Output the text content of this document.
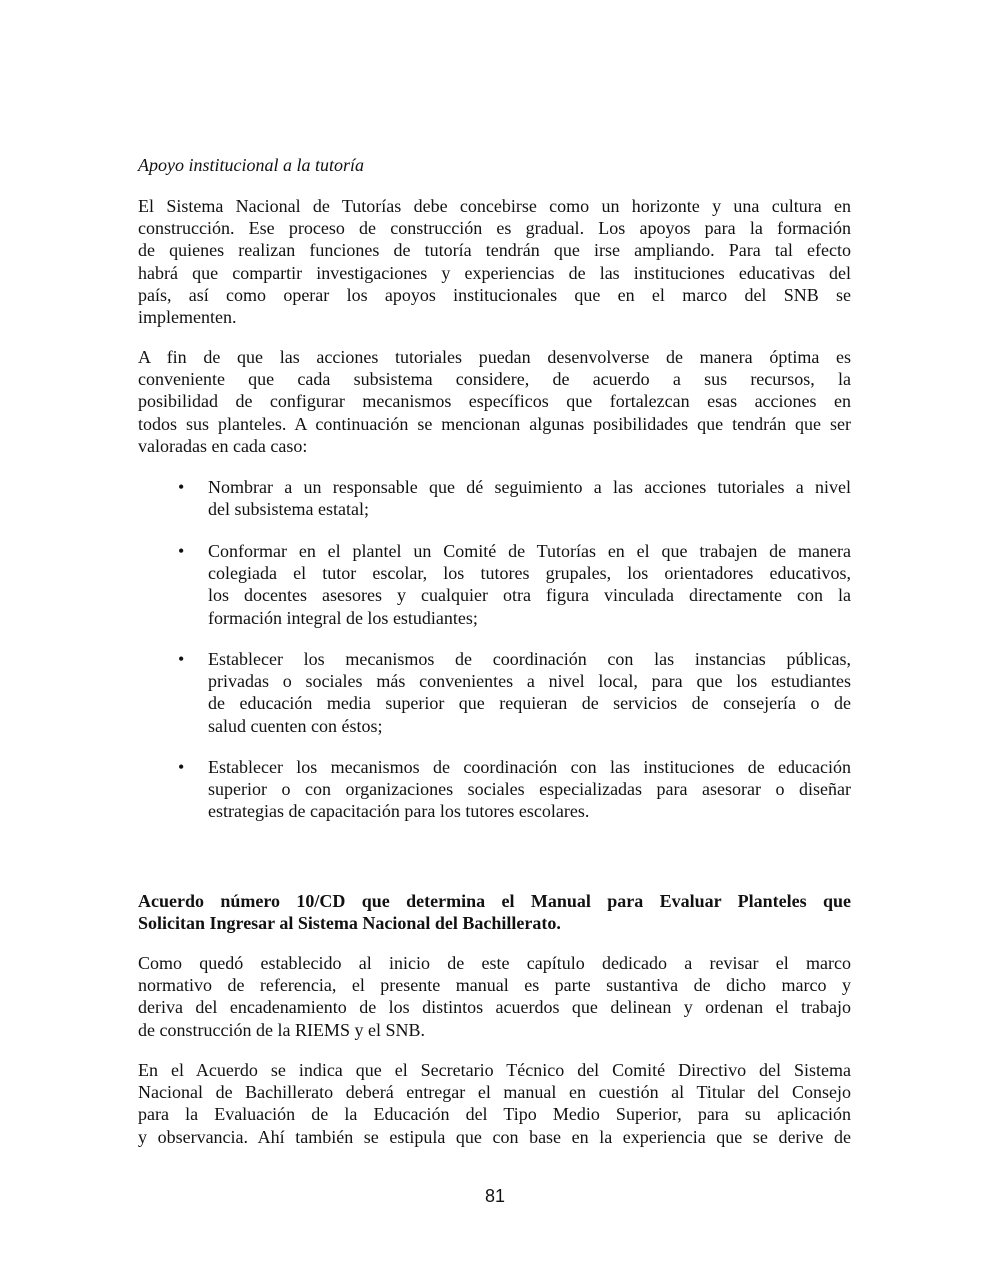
Apoyo institucional a la tutoría
El Sistema Nacional de Tutorías debe concebirse como un horizonte y una cultura en
construcción. Ese proceso de construcción es gradual. Los apoyos para la formación
de quienes realizan funciones de tutoría tendrán que irse ampliando. Para tal efecto
habrá que compartir investigaciones y experiencias de las instituciones educativas del
país, así como operar los apoyos institucionales que en el marco del SNB se
implementen.
A fin de que las acciones tutoriales puedan desenvolverse de manera óptima es
conveniente que cada subsistema considere, de acuerdo a sus recursos, la
posibilidad de configurar mecanismos específicos que fortalezcan esas acciones en
todos sus planteles. A continuación se mencionan algunas posibilidades que tendrán que ser
valoradas en cada caso:
• Nombrar a un responsable que dé seguimiento a las acciones tutoriales a nivel
del subsistema estatal;
• Conformar en el plantel un Comité de Tutorías en el que trabajen de manera
colegiada el tutor escolar, los tutores grupales, los orientadores educativos,
los docentes asesores y cualquier otra figura vinculada directamente con la
formación integral de los estudiantes;
• Establecer los mecanismos de coordinación con las instancias públicas,
privadas o sociales más convenientes a nivel local, para que los estudiantes
de educación media superior que requieran de servicios de consejería o de
salud cuenten con éstos;
• Establecer los mecanismos de coordinación con las instituciones de educación
superior o con organizaciones sociales especializadas para asesorar o diseñar
estrategias de capacitación para los tutores escolares.
Acuerdo número 10/CD que determina el Manual para Evaluar Planteles que
Solicitan Ingresar al Sistema Nacional del Bachillerato.
Como quedó establecido al inicio de este capítulo dedicado a revisar el marco
normativo de referencia, el presente manual es parte sustantiva de dicho marco y
deriva del encadenamiento de los distintos acuerdos que delinean y ordenan el trabajo
de construcción de la RIEMS y el SNB.
En el Acuerdo se indica que el Secretario Técnico del Comité Directivo del Sistema
Nacional de Bachillerato deberá entregar el manual en cuestión al Titular del Consejo
para la Evaluación de la Educación del Tipo Medio Superior, para su aplicación
y observancia. Ahí también se estipula que con base en la experiencia que se derive de
81
